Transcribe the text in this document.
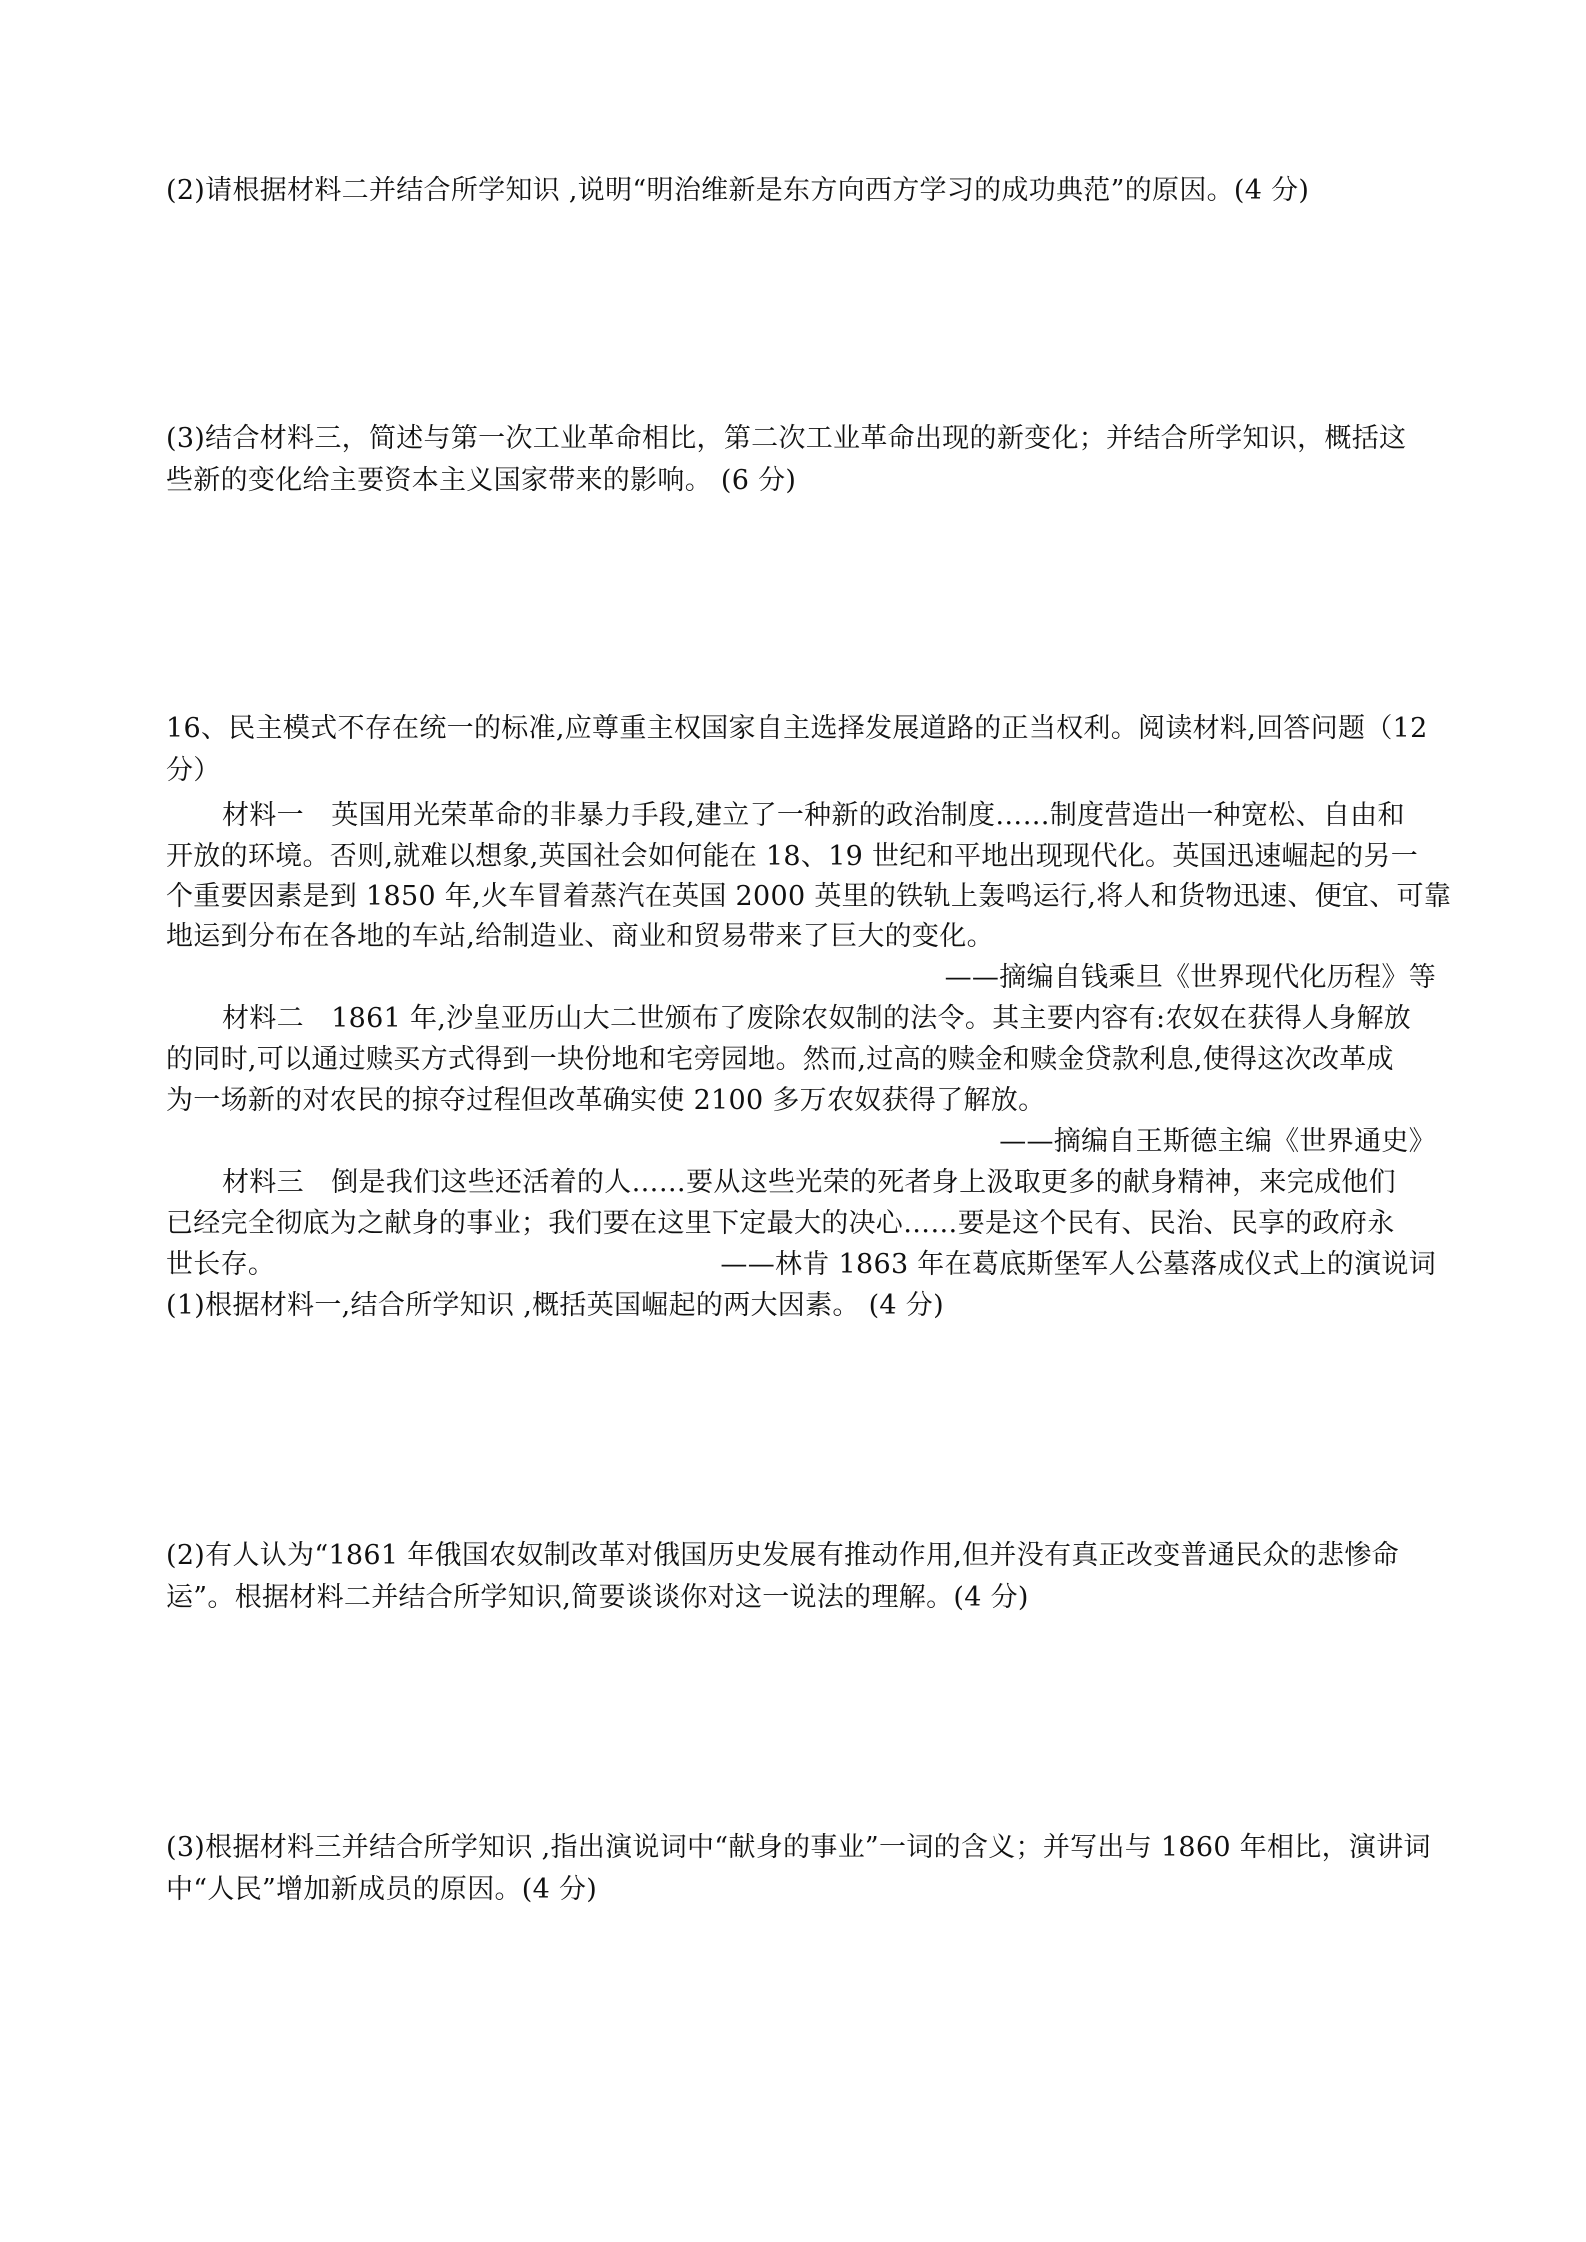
(2)请根据材料二并结合所学知识 ,说明“明治维新是东方向西方学习的成功典范”的原因。(4 分)
(3)结合材料三，简述与第一次工业革命相比，第二次工业革命出现的新变化；并结合所学知识，概括这
些新的变化给主要资本主义国家带来的影响。 (6 分)
16、民主模式不存在统一的标准,应尊重主权国家自主选择发展道路的正当权利。阅读材料,回答问题（12
分）
材料一　英国用光荣革命的非暴力手段,建立了一种新的政治制度……制度营造出一种宽松、自由和
开放的环境。否则,就难以想象,英国社会如何能在 18、19 世纪和平地出现现代化。英国迅速崛起的另一
个重要因素是到 1850 年,火车冒着蒸汽在英国 2000 英里的铁轨上轰鸣运行,将人和货物迅速、便宜、可靠
地运到分布在各地的车站,给制造业、商业和贸易带来了巨大的变化。
——摘编自钱乘旦《世界现代化历程》等
材料二　1861 年,沙皇亚历山大二世颁布了废除农奴制的法令。其主要内容有:农奴在获得人身解放
的同时,可以通过赎买方式得到一块份地和宅旁园地。然而,过高的赎金和赎金贷款利息,使得这次改革成
为一场新的对农民的掠夺过程但改革确实使 2100 多万农奴获得了解放。
——摘编自王斯德主编《世界通史》
材料三　倒是我们这些还活着的人……要从这些光荣的死者身上汲取更多的献身精神，来完成他们
已经完全彻底为之献身的事业；我们要在这里下定最大的决心……要是这个民有、民治、民享的政府永
世长存。	——林肯 1863 年在葛底斯堡军人公墓落成仪式上的演说词
(1)根据材料一,结合所学知识 ,概括英国崛起的两大因素。 (4 分)
(2)有人认为“1861 年俄国农奴制改革对俄国历史发展有推动作用,但并没有真正改变普通民众的悲惨命
运”。根据材料二并结合所学知识,简要谈谈你对这一说法的理解。(4 分)
(3)根据材料三并结合所学知识 ,指出演说词中“献身的事业”一词的含义；并写出与 1860 年相比，演讲词
中“人民”增加新成员的原因。(4 分)
